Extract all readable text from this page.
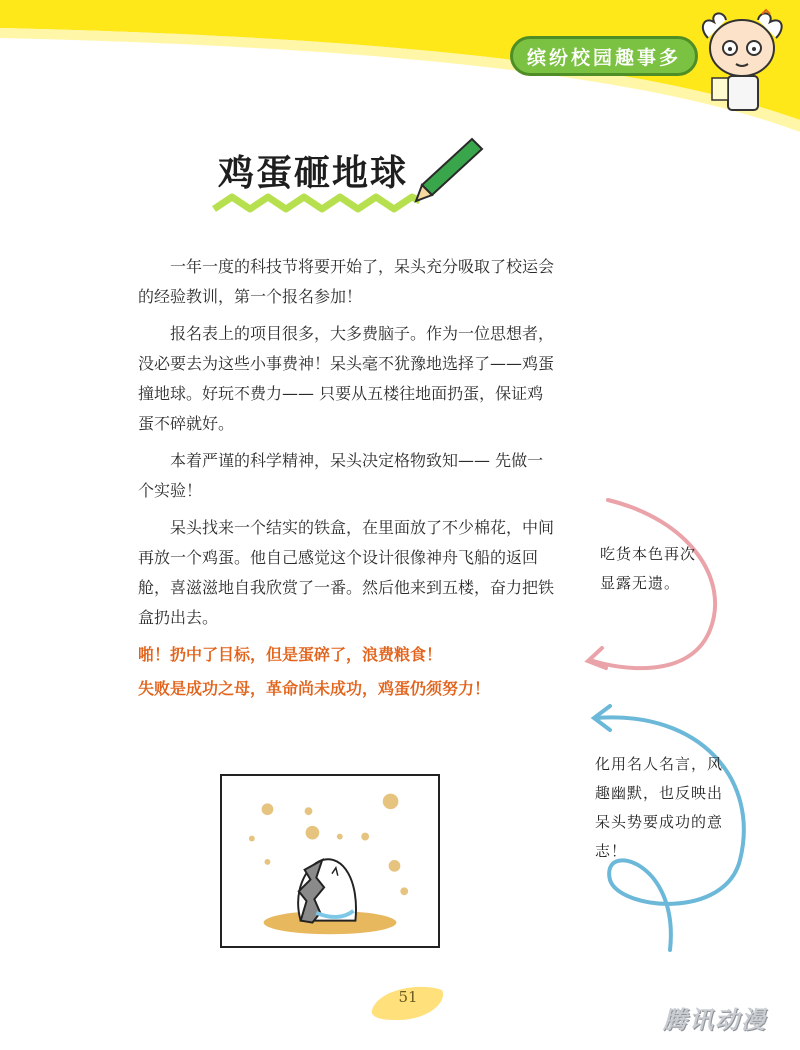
缤纷校园趣事多
鸡蛋砸地球

一年一度的科技节将要开始了，呆头充分吸取了校运会的经验教训，第一个报名参加！

报名表上的项目很多，大多费脑子。作为一位思想者，没必要去为这些小事费神！呆头毫不犹豫地选择了——鸡蛋撞地球。好玩不费力—— 只要从五楼往地面扔蛋，保证鸡蛋不碎就好。

本着严谨的科学精神，呆头决定格物致知—— 先做一个实验！

呆头找来一个结实的铁盒，在里面放了不少棉花，中间再放一个鸡蛋。他自己感觉这个设计很像神舟飞船的返回舱，喜滋滋地自我欣赏了一番。然后他来到五楼，奋力把铁盒扔出去。

啪！扔中了目标，但是蛋碎了，浪费粮食！

失败是成功之母，革命尚未成功，鸡蛋仍须努力！

吃货本色再次显露无遗。
化用名人名言，风趣幽默，也反映出呆头势要成功的意志！
51
腾讯动漫
